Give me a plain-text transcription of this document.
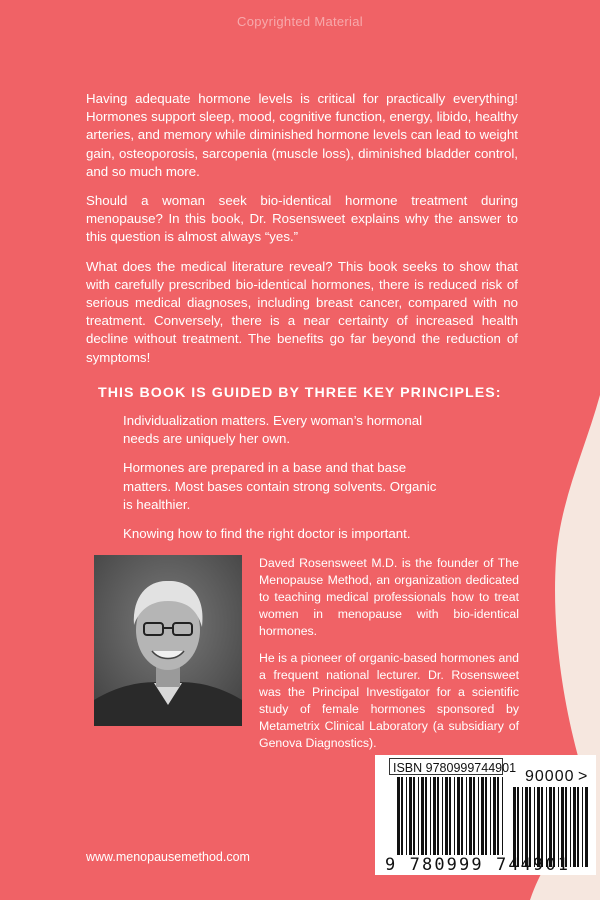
Copyrighted Material

Having adequate hormone levels is critical for practically everything! Hormones support sleep, mood, cognitive function, energy, libido, healthy arteries, and memory while diminished hormone levels can lead to weight gain, osteoporosis, sarcopenia (muscle loss), diminished bladder control, and so much more.

Should a woman seek bio-identical hormone treatment during menopause? In this book, Dr. Rosensweet explains why the answer to this question is almost always “yes.”

What does the medical literature reveal? This book seeks to show that with carefully prescribed bio-identical hormones, there is reduced risk of serious medical diagnoses, including breast cancer, compared with no treatment. Conversely, there is a near certainty of increased health decline without treatment. The benefits go far beyond the reduction of symptoms!

THIS BOOK IS GUIDED BY THREE KEY PRINCIPLES:
Individualization matters. Every woman’s hormonal needs are uniquely her own.
Hormones are prepared in a base and that base matters. Most bases contain strong solvents. Organic is healthier.
Knowing how to find the right doctor is important.

Daved Rosensweet M.D. is the founder of The Menopause Method, an organization dedicated to teaching medical professionals how to treat women in menopause with bio-identical hormones.

He is a pioneer of organic-based hormones and a frequent national lecturer. Dr. Rosensweet was the Principal Investigator for a scientific study of female hormones sponsored by Metametrix Clinical Laboratory (a subsidiary of Genova Diagnostics).

www.menopausemethod.com
ISBN 9780999744901 90000 >
9 780999 744901
